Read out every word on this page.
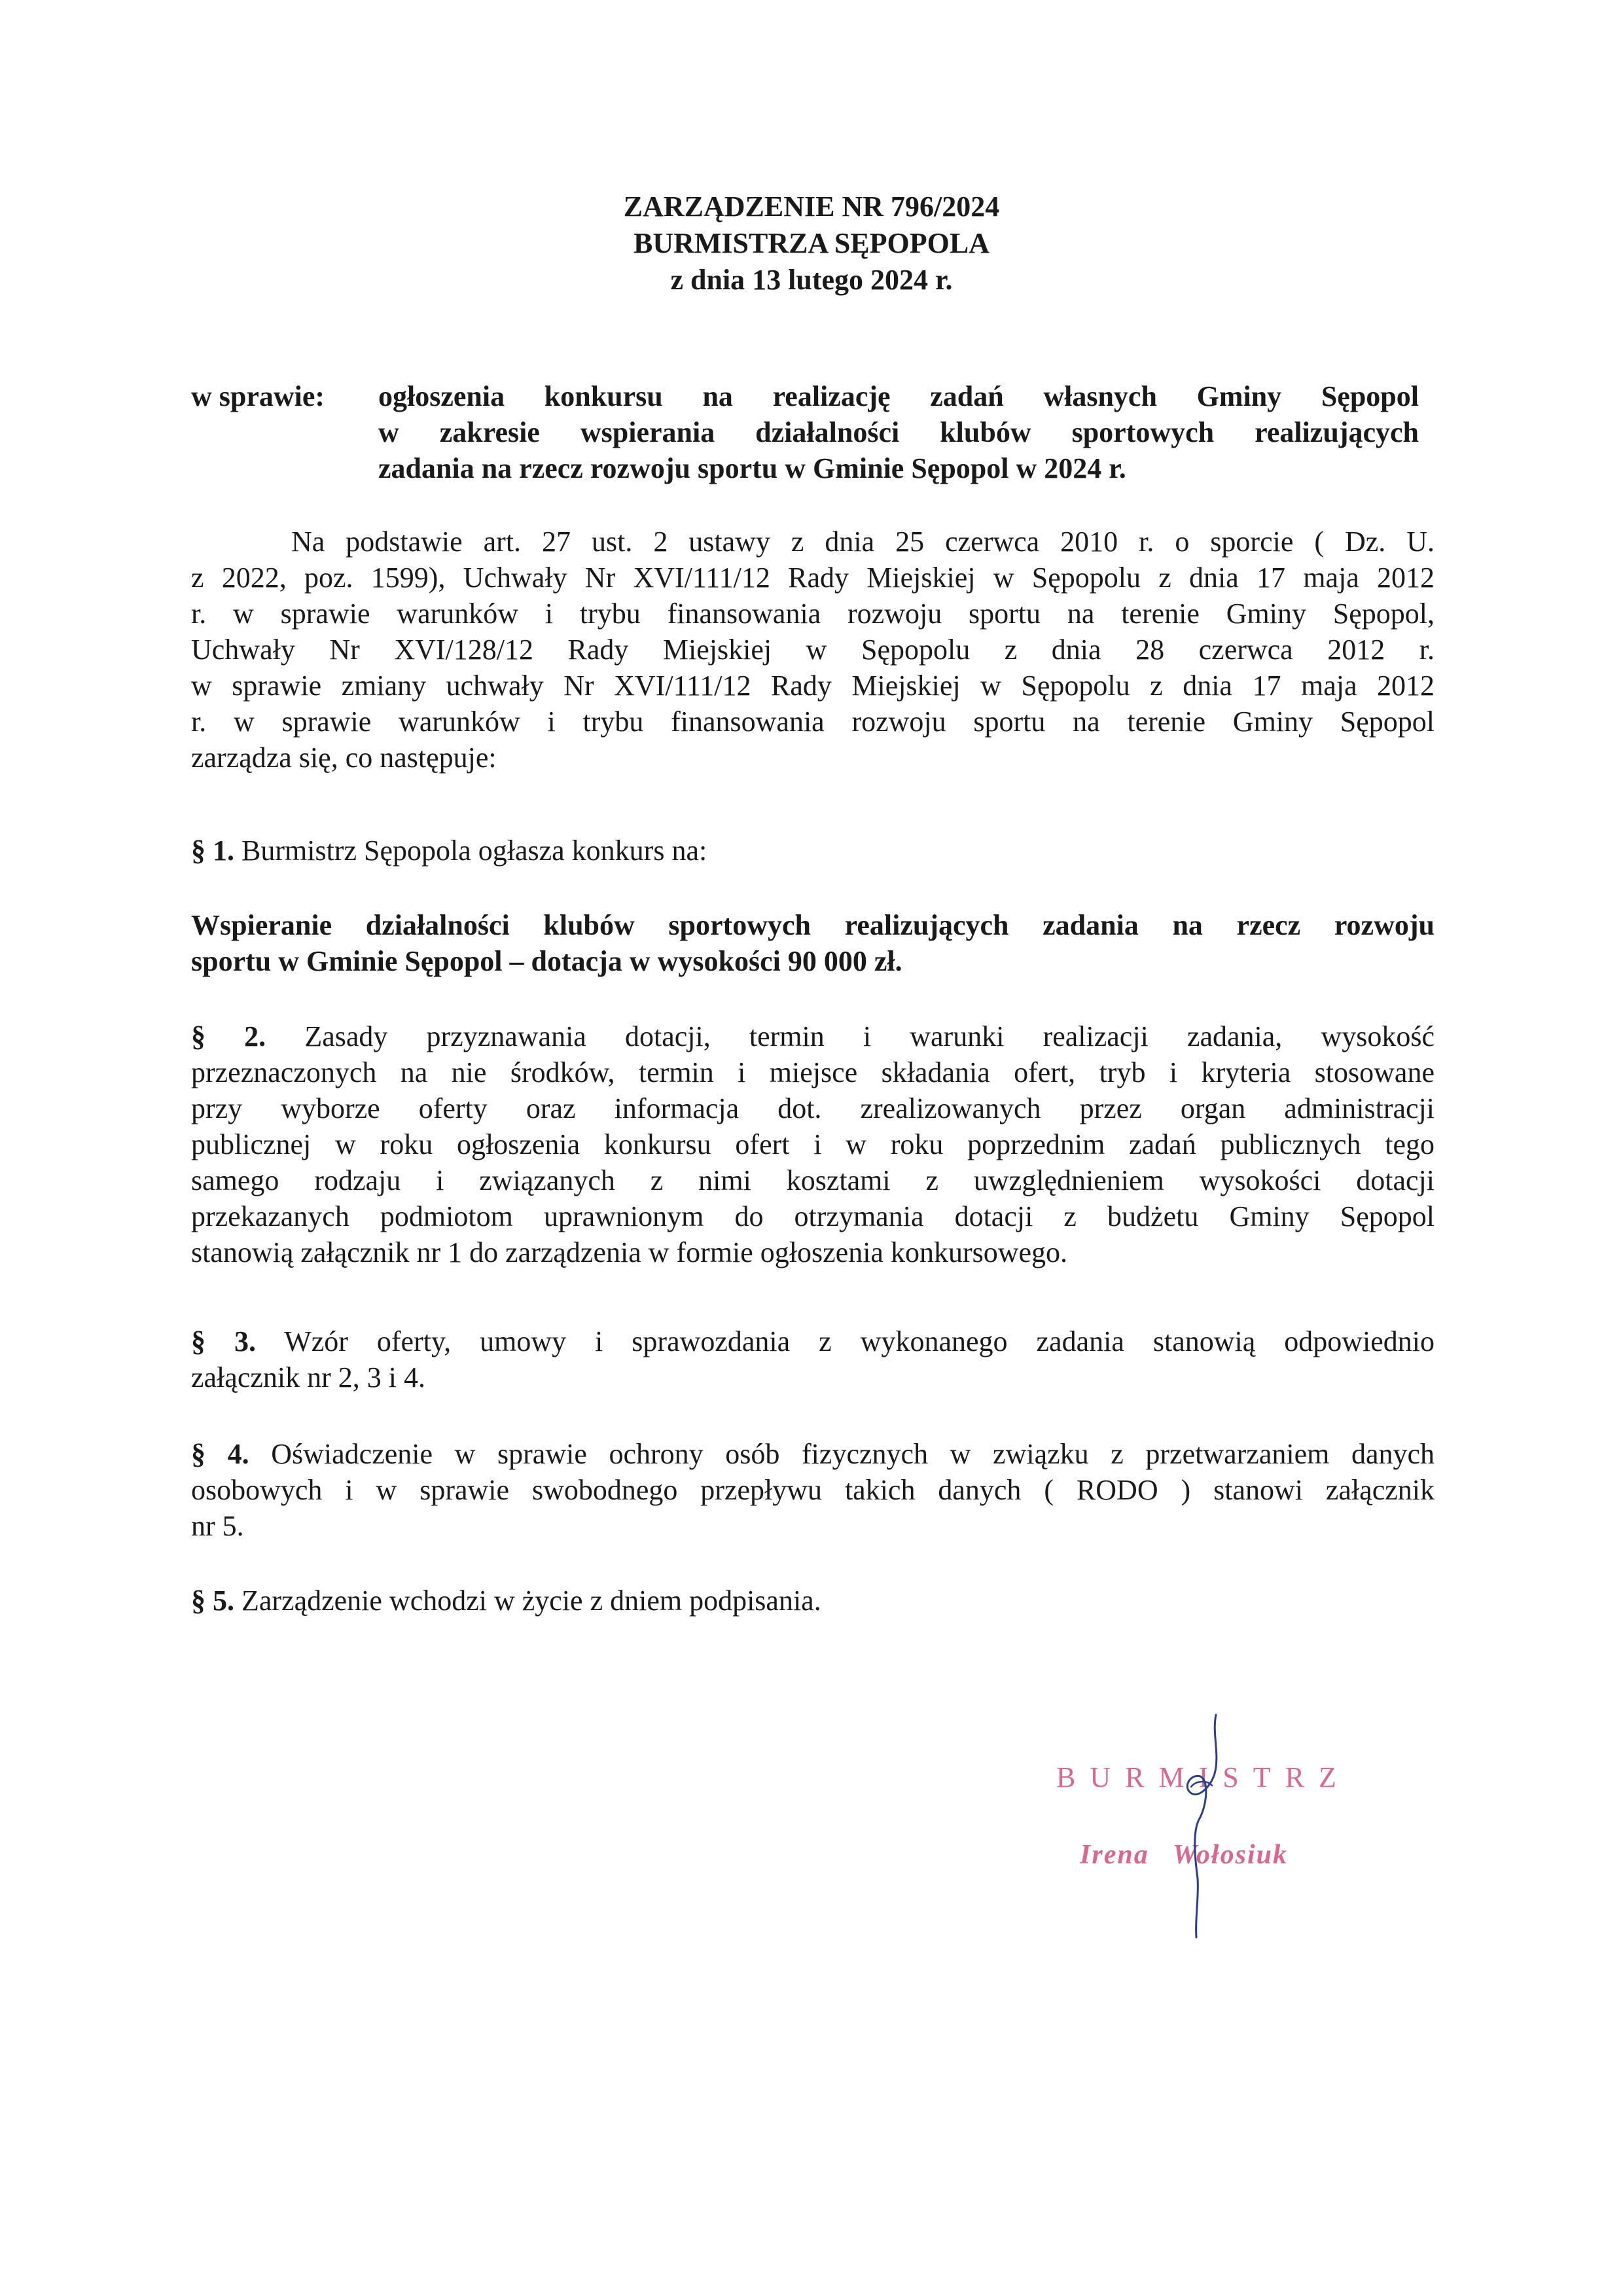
ZARZĄDZENIE NR 796/2024
BURMISTRZA SĘPOPOLA
z dnia 13 lutego 2024 r.
w sprawie: ogłoszenia konkursu na realizację zadań własnych Gminy Sępopol
w zakresie wspierania działalności klubów sportowych realizujących
zadania na rzecz rozwoju sportu w Gminie Sępopol w 2024 r.
Na podstawie art. 27 ust. 2 ustawy z dnia 25 czerwca 2010 r. o sporcie ( Dz. U.
z 2022, poz. 1599), Uchwały Nr XVI/111/12 Rady Miejskiej w Sępopolu z dnia 17 maja 2012
r. w sprawie warunków i trybu finansowania rozwoju sportu na terenie Gminy Sępopol,
Uchwały Nr XVI/128/12 Rady Miejskiej w Sępopolu z dnia 28 czerwca 2012 r.
w sprawie zmiany uchwały Nr XVI/111/12 Rady Miejskiej w Sępopolu z dnia 17 maja 2012
r. w sprawie warunków i trybu finansowania rozwoju sportu na terenie Gminy Sępopol
zarządza się, co następuje:
§ 1. Burmistrz Sępopola ogłasza konkurs na:
Wspieranie działalności klubów sportowych realizujących zadania na rzecz rozwoju
sportu w Gminie Sępopol – dotacja w wysokości 90 000 zł.
§ 2. Zasady przyznawania dotacji, termin i warunki realizacji zadania, wysokość
przeznaczonych na nie środków, termin i miejsce składania ofert, tryb i kryteria stosowane
przy wyborze oferty oraz informacja dot. zrealizowanych przez organ administracji
publicznej w roku ogłoszenia konkursu ofert i w roku poprzednim zadań publicznych tego
samego rodzaju i związanych z nimi kosztami z uwzględnieniem wysokości dotacji
przekazanych podmiotom uprawnionym do otrzymania dotacji z budżetu Gminy Sępopol
stanowią załącznik nr 1 do zarządzenia w formie ogłoszenia konkursowego.
§ 3. Wzór oferty, umowy i sprawozdania z wykonanego zadania stanowią odpowiednio
załącznik nr 2, 3 i 4.
§ 4. Oświadczenie w sprawie ochrony osób fizycznych w związku z przetwarzaniem danych
osobowych i w sprawie swobodnego przepływu takich danych ( RODO ) stanowi załącznik
nr 5.
§ 5. Zarządzenie wchodzi w życie z dniem podpisania.
BURMISTRZ
Irena Wołosiuk
